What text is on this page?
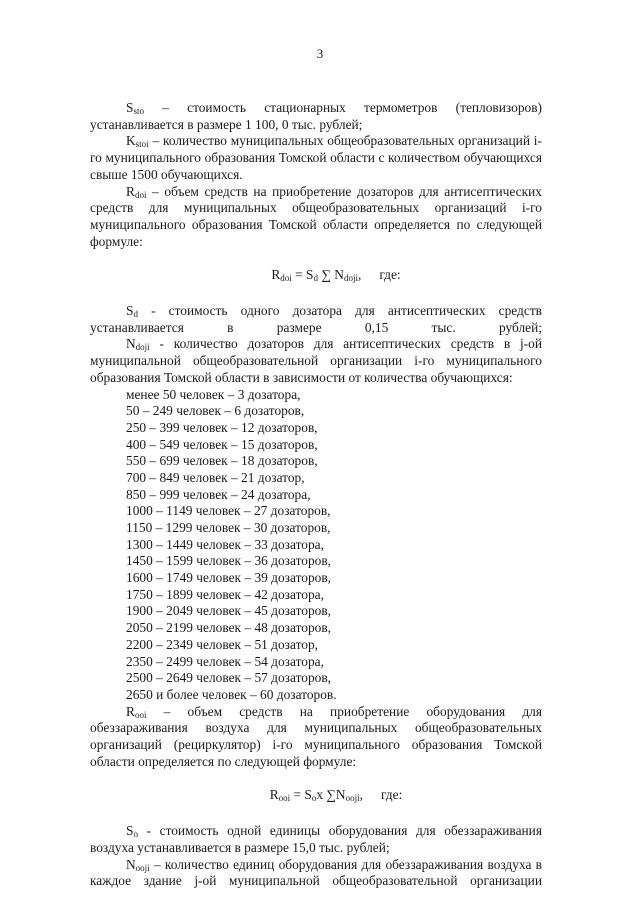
3

$S_{sto}$ – стоимость стационарных термометров (тепловизоров) устанавливается в размере 1 100, 0 тыс. рублей;

$K_{stoi}$ – количество муниципальных общеобразовательных организаций i-го муниципального образования Томской области с количеством обучающихся свыше 1500 обучающихся.

$R_{doi}$ – объем средств на приобретение дозаторов для антисептических средств для муниципальных общеобразовательных организаций i-го муниципального образования Томской области определяется по следующей формуле:

$R_{doi} = S_d$ ∑ $N_{doji}$, где:

$S_d$ - стоимость одного дозатора для антисептических средств устанавливается в размере 0,15 тыс. рублей;

$N_{doji}$ - количество дозаторов для антисептических средств в j-ой муниципальной общеобразовательной организации i-го муниципального образования Томской области в зависимости от количества обучающихся:

менее 50 человек – 3 дозатора,
50 – 249 человек – 6 дозаторов,
250 – 399 человек – 12 дозаторов,
400 – 549 человек – 15 дозаторов,
550 – 699 человек – 18 дозаторов,
700 – 849 человек – 21 дозатор,
850 – 999 человек – 24 дозатора,
1000 – 1149 человек – 27 дозаторов,
1150 – 1299 человек – 30 дозаторов,
1300 – 1449 человек – 33 дозатора,
1450 – 1599 человек – 36 дозаторов,
1600 – 1749 человек – 39 дозаторов,
1750 – 1899 человек – 42 дозатора,
1900 – 2049 человек – 45 дозаторов,
2050 – 2199 человек – 48 дозаторов,
2200 – 2349 человек – 51 дозатор,
2350 – 2499 человек – 54 дозатора,
2500 – 2649 человек – 57 дозаторов,
2650 и более человек – 60 дозаторов.

$R_{ooi}$ – объем средств на приобретение оборудования для обеззараживания воздуха для муниципальных общеобразовательных организаций (рециркулятор) i-го муниципального образования Томской области определяется по следующей формуле:

$R_{ooi} = S_ox$ $\sum N_{ooji}$, где:

$S_o$ - стоимость одной единицы оборудования для обеззараживания воздуха устанавливается в размере 15,0 тыс. рублей;

$N_{ooji}$ – количество единиц оборудования для обеззараживания воздуха в каждое здание j-ой муниципальной общеобразовательной организации
